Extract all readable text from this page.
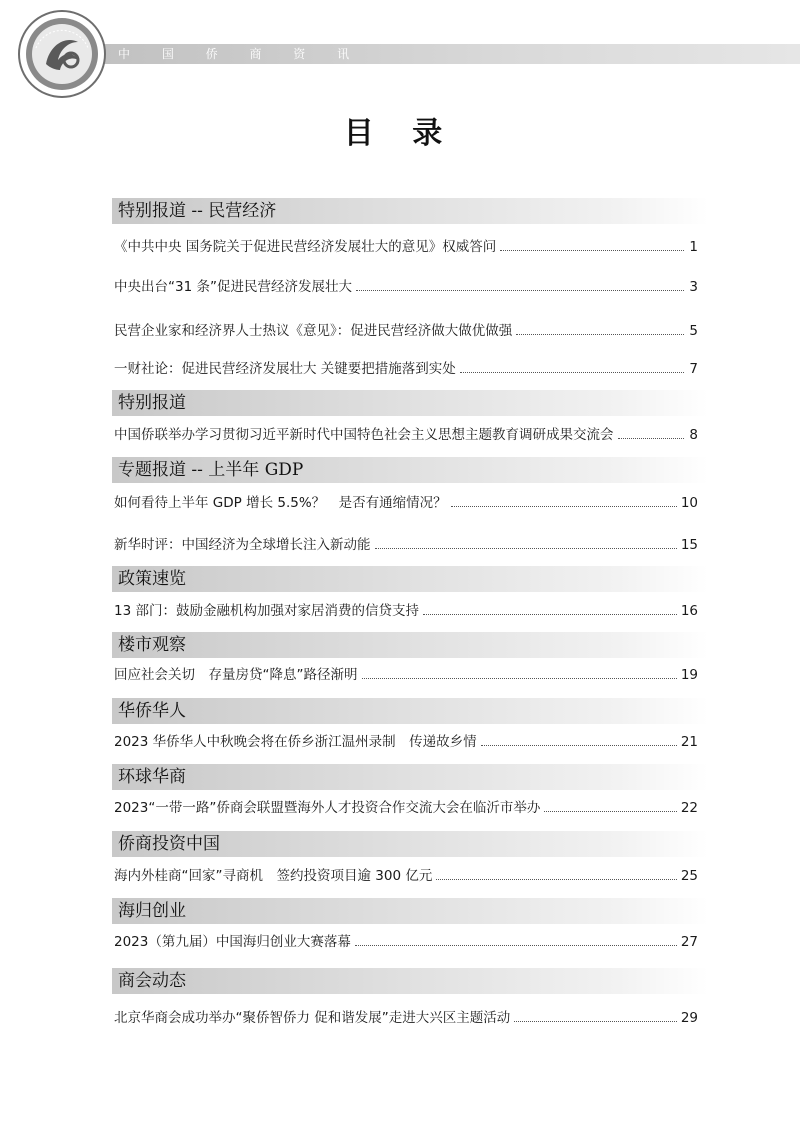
中 国 侨 商 资 讯
目 录
特别报道 -- 民营经济
《中共中央 国务院关于促进民营经济发展壮大的意见》权威答问	1
中央出台“31 条”促进民营经济发展壮大	3
民营企业家和经济界人士热议《意见》：促进民营经济做大做优做强	5
一财社论：促进民营经济发展壮大 关键要把措施落到实处	7
特别报道
中国侨联举办学习贯彻习近平新时代中国特色社会主义思想主题教育调研成果交流会	8
专题报道 -- 上半年 GDP
如何看待上半年 GDP 增长 5.5%？　是否有通缩情况？	10
新华时评：中国经济为全球增长注入新动能	15
政策速览
13 部门：鼓励金融机构加强对家居消费的信贷支持	16
楼市观察
回应社会关切　存量房贷“降息”路径渐明	19
华侨华人
2023 华侨华人中秋晚会将在侨乡浙江温州录制　传递故乡情	21
环球华商
2023“一带一路”侨商会联盟暨海外人才投资合作交流大会在临沂市举办	22
侨商投资中国
海内外桂商“回家”寻商机　签约投资项目逾 300 亿元	25
海归创业
2023（第九届）中国海归创业大赛落幕	27
商会动态
北京华商会成功举办“聚侨智侨力 促和谐发展”走进大兴区主题活动	29
